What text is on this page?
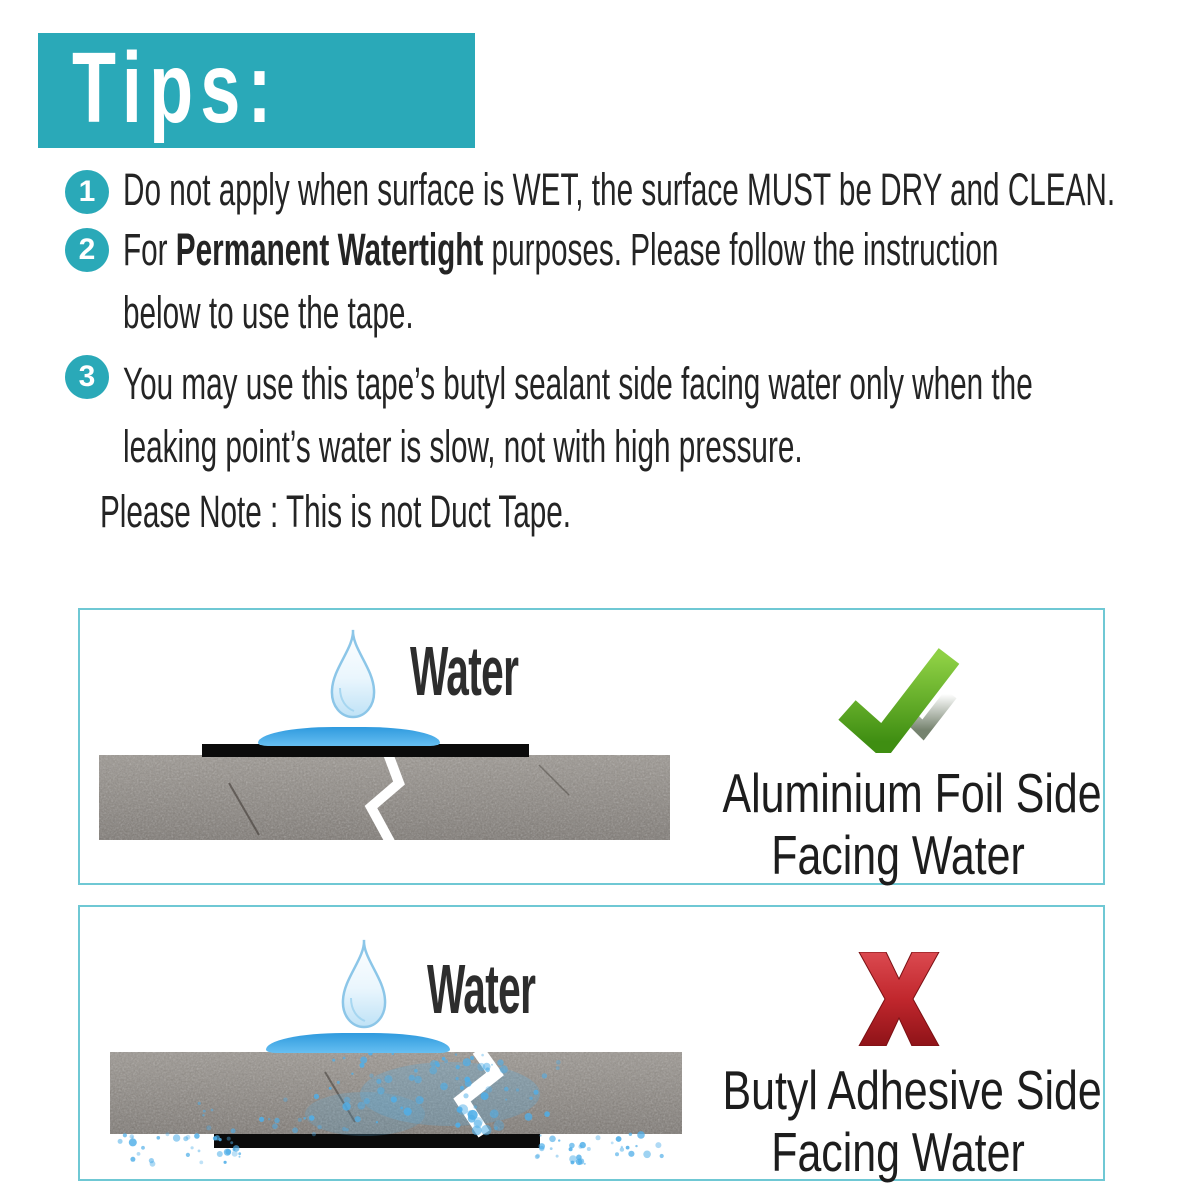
Tips:
1 Do not apply when surface is WET, the surface MUST be DRY and CLEAN.
2 For Permanent Watertight purposes. Please follow the instruction
below to use the tape.
3 You may use this tape’s butyl sealant side facing water only when the
leaking point’s water is slow, not with high pressure.
Please Note : This is not Duct Tape.
Water
Aluminium Foil Side
Facing Water
Water
Butyl Adhesive Side
Facing Water
